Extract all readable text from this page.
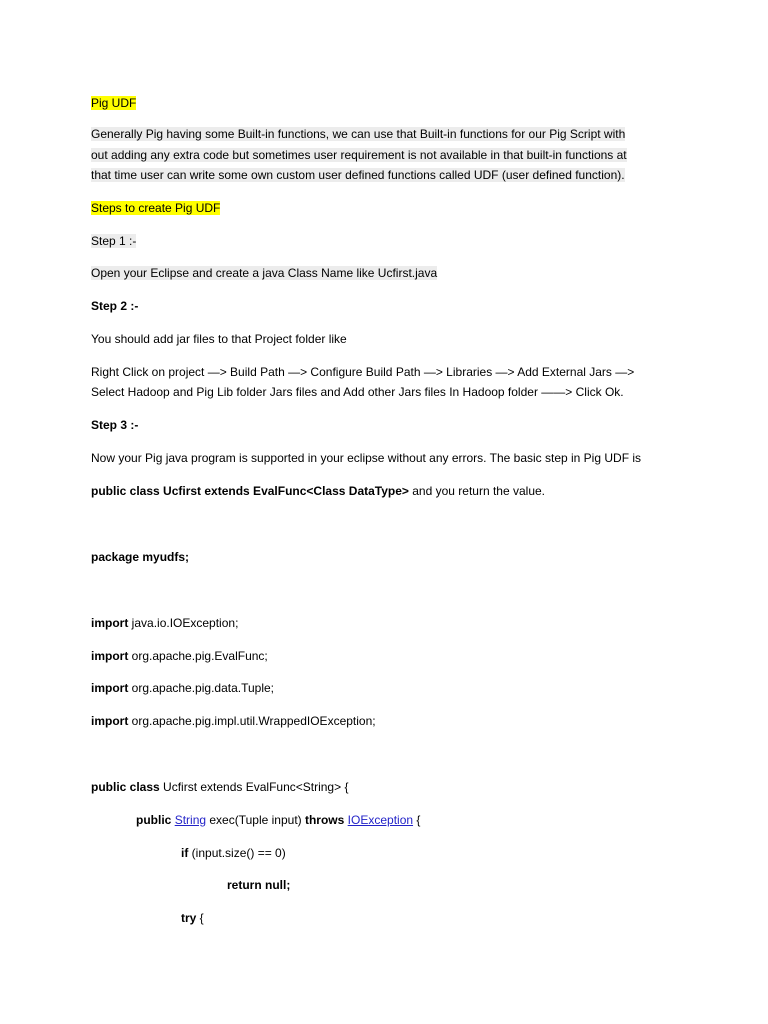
Pig UDF
Generally Pig having some Built-in functions, we can use that Built-in functions for our Pig Script with
out adding any extra code but sometimes user requirement is not available in that built-in functions at
that time user can write some own custom user defined functions called UDF (user defined function).
Steps to create Pig UDF
Step 1 :-
Open your Eclipse and create a java Class Name like Ucfirst.java
Step 2 :-
You should add jar files to that Project folder like
Right Click on project —> Build Path —> Configure Build Path —> Libraries —> Add External Jars —>
Select Hadoop and Pig Lib folder Jars files and Add other Jars files In Hadoop folder ——> Click Ok.
Step 3 :-
Now your Pig java program is supported in your eclipse without any errors. The basic step in Pig UDF is
public class Ucfirst extends EvalFunc<Class DataType> and you return the value.
package myudfs;
import java.io.IOException;
import org.apache.pig.EvalFunc;
import org.apache.pig.data.Tuple;
import org.apache.pig.impl.util.WrappedIOException;
public class Ucfirst extends EvalFunc<String> {
public String exec(Tuple input) throws IOException {
if (input.size() == 0)
return null;
try {
